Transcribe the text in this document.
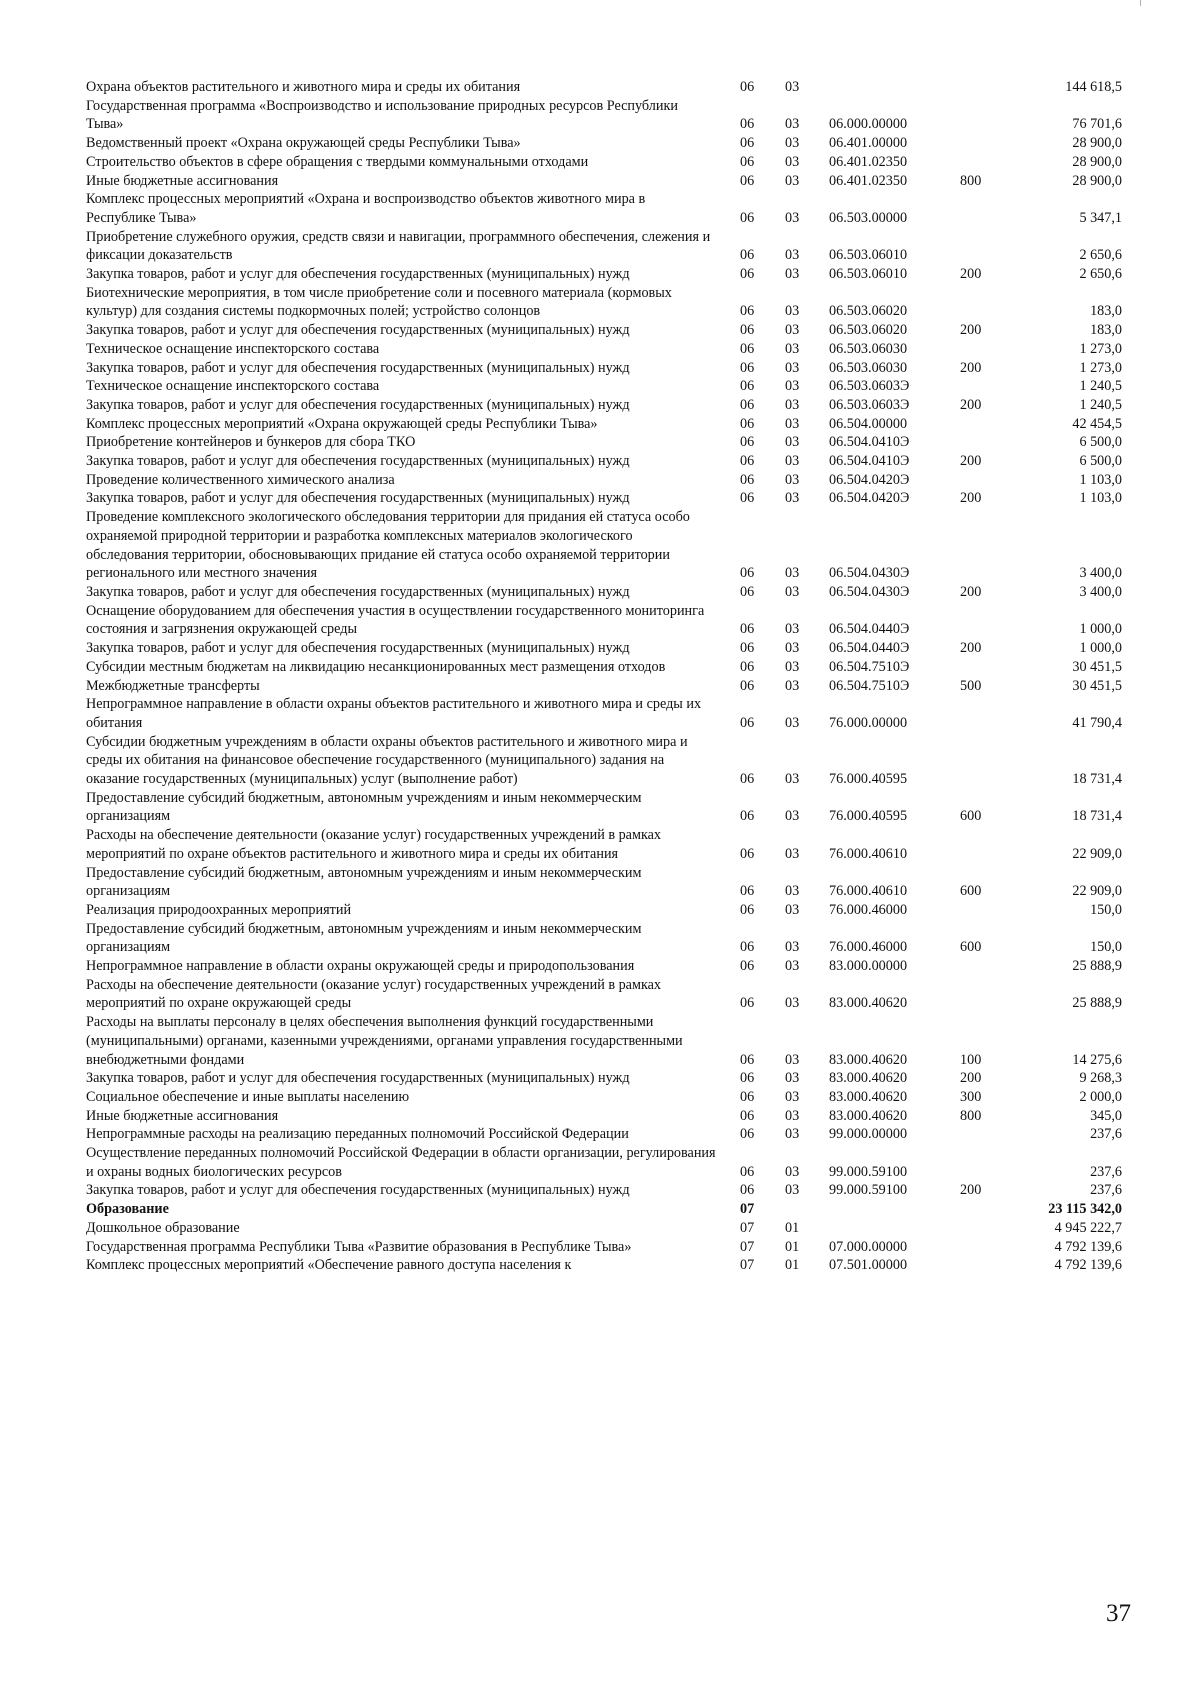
Охрана объектов растительного и животного мира и среды их обитания	06	03			144 618,5
Государственная программа «Воспроизводство и использование природных ресурсов Республики Тыва»	06	03	06.000.00000		76 701,6
Ведомственный проект «Охрана окружающей среды Республики Тыва»	06	03	06.401.00000		28 900,0
Строительство объектов в сфере обращения с твердыми коммунальными отходами	06	03	06.401.02350		28 900,0
Иные бюджетные ассигнования	06	03	06.401.02350	800	28 900,0
Комплекс процессных мероприятий «Охрана и воспроизводство объектов животного мира в Республике Тыва»	06	03	06.503.00000		5 347,1
Приобретение служебного оружия, средств связи и навигации, программного обеспечения, слежения и фиксации доказательств	06	03	06.503.06010		2 650,6
Закупка товаров, работ и услуг для обеспечения государственных (муниципальных) нужд	06	03	06.503.06010	200	2 650,6
Биотехнические мероприятия, в том числе приобретение соли и посевного материала (кормовых культур) для создания системы подкормочных полей; устройство солонцов	06	03	06.503.06020		183,0
Закупка товаров, работ и услуг для обеспечения государственных (муниципальных) нужд	06	03	06.503.06020	200	183,0
Техническое оснащение инспекторского состава	06	03	06.503.06030		1 273,0
Закупка товаров, работ и услуг для обеспечения государственных (муниципальных) нужд	06	03	06.503.06030	200	1 273,0
Техническое оснащение инспекторского состава	06	03	06.503.0603Э		1 240,5
Закупка товаров, работ и услуг для обеспечения государственных (муниципальных) нужд	06	03	06.503.0603Э	200	1 240,5
Комплекс процессных мероприятий «Охрана окружающей среды Республики Тыва»	06	03	06.504.00000		42 454,5
Приобретение контейнеров и бункеров для сбора ТКО	06	03	06.504.0410Э		6 500,0
Закупка товаров, работ и услуг для обеспечения государственных (муниципальных) нужд	06	03	06.504.0410Э	200	6 500,0
Проведение количественного химического анализа	06	03	06.504.0420Э		1 103,0
Закупка товаров, работ и услуг для обеспечения государственных (муниципальных) нужд	06	03	06.504.0420Э	200	1 103,0
Проведение комплексного экологического обследования территории для придания ей статуса особо охраняемой природной территории и разработка комплексных материалов экологического обследования территории, обосновывающих придание ей статуса особо охраняемой территории регионального или местного значения	06	03	06.504.0430Э		3 400,0
Закупка товаров, работ и услуг для обеспечения государственных (муниципальных) нужд	06	03	06.504.0430Э	200	3 400,0
Оснащение оборудованием для обеспечения участия в осуществлении государственного мониторинга состояния и загрязнения окружающей среды	06	03	06.504.0440Э		1 000,0
Закупка товаров, работ и услуг для обеспечения государственных (муниципальных) нужд	06	03	06.504.0440Э	200	1 000,0
Субсидии местным бюджетам на ликвидацию несанкционированных мест размещения отходов	06	03	06.504.7510Э		30 451,5
Межбюджетные трансферты	06	03	06.504.7510Э	500	30 451,5
Непрограммное направление в области охраны объектов растительного и животного мира и среды их обитания	06	03	76.000.00000		41 790,4
Субсидии бюджетным учреждениям в области охраны объектов растительного и животного мира и среды их обитания на финансовое обеспечение государственного (муниципального) задания на оказание государственных (муниципальных) услуг (выполнение работ)	06	03	76.000.40595		18 731,4
Предоставление субсидий бюджетным, автономным учреждениям и иным некоммерческим организациям	06	03	76.000.40595	600	18 731,4
Расходы на обеспечение деятельности (оказание услуг) государственных учреждений в рамках мероприятий по охране объектов растительного и животного мира и среды их обитания	06	03	76.000.40610		22 909,0
Предоставление субсидий бюджетным, автономным учреждениям и иным некоммерческим организациям	06	03	76.000.40610	600	22 909,0
Реализация природоохранных мероприятий	06	03	76.000.46000		150,0
Предоставление субсидий бюджетным, автономным учреждениям и иным некоммерческим организациям	06	03	76.000.46000	600	150,0
Непрограммное направление в области охраны окружающей среды и природопользования	06	03	83.000.00000		25 888,9
Расходы на обеспечение деятельности (оказание услуг) государственных учреждений в рамках мероприятий по охране окружающей среды	06	03	83.000.40620		25 888,9
Расходы на выплаты персоналу в целях обеспечения выполнения функций государственными (муниципальными) органами, казенными учреждениями, органами управления государственными внебюджетными фондами	06	03	83.000.40620	100	14 275,6
Закупка товаров, работ и услуг для обеспечения государственных (муниципальных) нужд	06	03	83.000.40620	200	9 268,3
Социальное обеспечение и иные выплаты населению	06	03	83.000.40620	300	2 000,0
Иные бюджетные ассигнования	06	03	83.000.40620	800	345,0
Непрограммные расходы на реализацию переданных полномочий Российской Федерации	06	03	99.000.00000		237,6
Осуществление переданных полномочий Российской Федерации в области организации, регулирования и охраны водных биологических ресурсов	06	03	99.000.59100		237,6
Закупка товаров, работ и услуг для обеспечения государственных (муниципальных) нужд	06	03	99.000.59100	200	237,6
Образование	07				23 115 342,0
Дошкольное образование	07	01			4 945 222,7
Государственная программа Республики Тыва «Развитие образования в Республике Тыва»	07	01	07.000.00000		4 792 139,6
Комплекс процессных мероприятий «Обеспечение равного доступа населения к	07	01	07.501.00000		4 792 139,6
37
